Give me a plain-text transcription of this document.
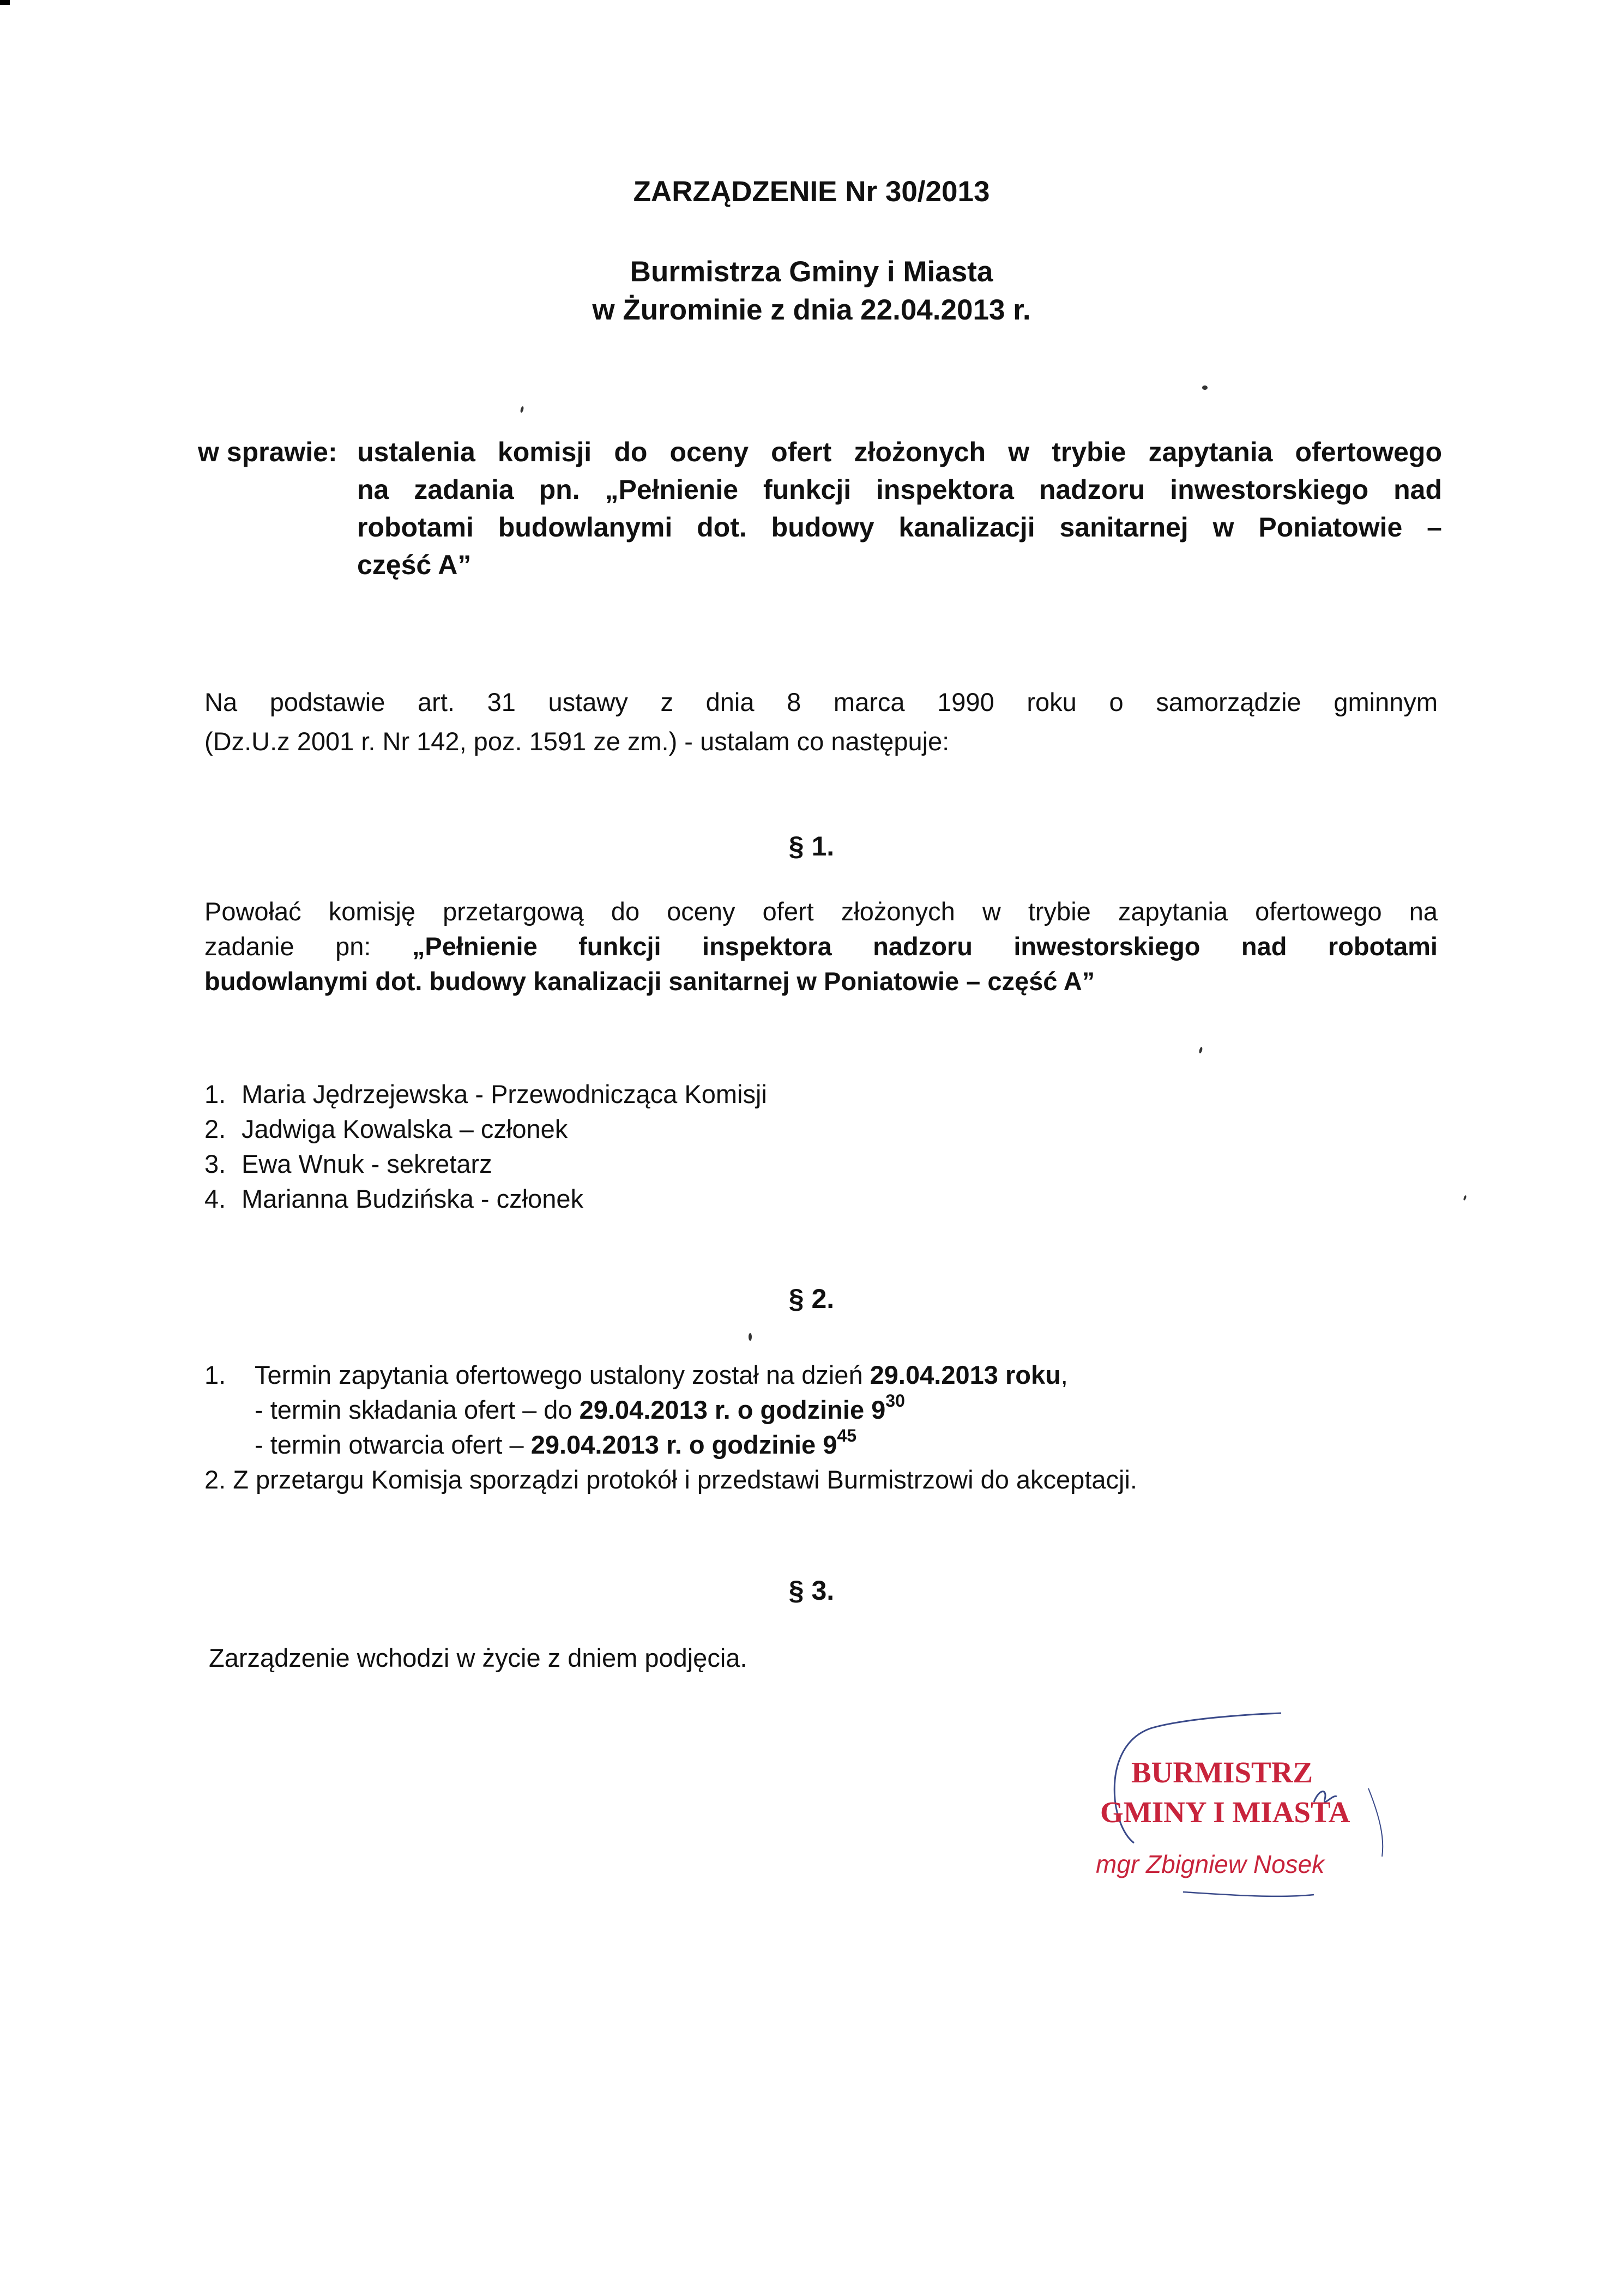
ZARZĄDZENIE Nr 30/2013
Burmistrza Gminy i Miasta
w Żurominie z dnia 22.04.2013 r.
w sprawie: ustalenia komisji do oceny ofert złożonych w trybie zapytania ofertowego
na zadania pn. „Pełnienie funkcji inspektora nadzoru inwestorskiego nad
robotami budowlanymi dot. budowy kanalizacji sanitarnej w Poniatowie –
część A”
Na podstawie art. 31 ustawy z dnia 8 marca 1990 roku o samorządzie gminnym
(Dz.U.z 2001 r. Nr 142, poz. 1591 ze zm.) - ustalam co następuje:
§ 1.
Powołać komisję przetargową do oceny ofert złożonych w trybie zapytania ofertowego na
zadanie pn: „Pełnienie funkcji inspektora nadzoru inwestorskiego nad robotami
budowlanymi dot. budowy kanalizacji sanitarnej w Poniatowie – część A”
1. Maria Jędrzejewska - Przewodnicząca Komisji
2. Jadwiga Kowalska – członek
3. Ewa Wnuk - sekretarz
4. Marianna Budzińska - członek
§ 2.
1. Termin zapytania ofertowego ustalony został na dzień 29.04.2013 roku,
- termin składania ofert – do 29.04.2013 r. o godzinie $9^{30}$
- termin otwarcia ofert – 29.04.2013 r. o godzinie $9^{45}$
2. Z przetargu Komisja sporządzi protokół i przedstawi Burmistrzowi do akceptacji.
§ 3.
Zarządzenie wchodzi w życie z dniem podjęcia.
BURMISTRZ
GMINY I MIASTA
mgr Zbigniew Nosek
